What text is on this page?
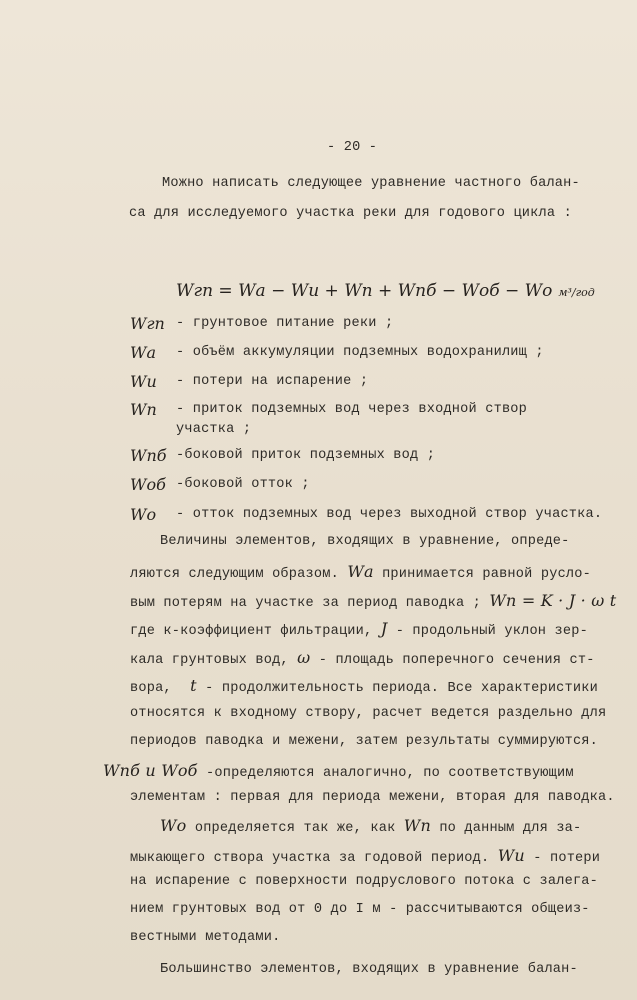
- 20 -
Можно написать следующее уравнение частного балан-
са для исследуемого участка реки для годового цикла :
Wгп = Wа − Wи + Wп + Wпб − Wоб − Wо м³/год
Wгп - грунтовое питание реки ;
Wа	- объём аккумуляции подземных водохранилищ ;
Wи	- потери на испарение ;
Wп	- приток подземных вод через входной створ
участка ;
Wпб -боковой приток подземных вод ;
Wоб -боковой отток ;
Wо	- отток подземных вод через выходной створ участка.
Величины элементов, входящих в уравнение, опреде-
ляются следующим образом. Wа принимается равной русло-
вым потерям на участке за период паводка ; Wп = K · J · ω t
где к-коэффициент фильтрации, J - продольный уклон зер-
кала грунтовых вод, ω - площадь поперечного сечения ст-
вора, t - продолжительность периода. Все характеристики
относятся к входному створу, расчет ведется раздельно для
периодов паводка и межени, затем результаты суммируются.
Wпб и Wоб -определяются аналогично, по соответствующим
элементам : первая для периода межени, вторая для паводка.
Wо определяется так же, как Wп по данным для за-
мыкающего створа участка за годовой период. Wи - потери
на испарение с поверхности подруслового потока с залега-
нием грунтовых вод от 0 до I м - рассчитываются общеиз-
вестными методами.
Большинство элементов, входящих в уравнение балан-
